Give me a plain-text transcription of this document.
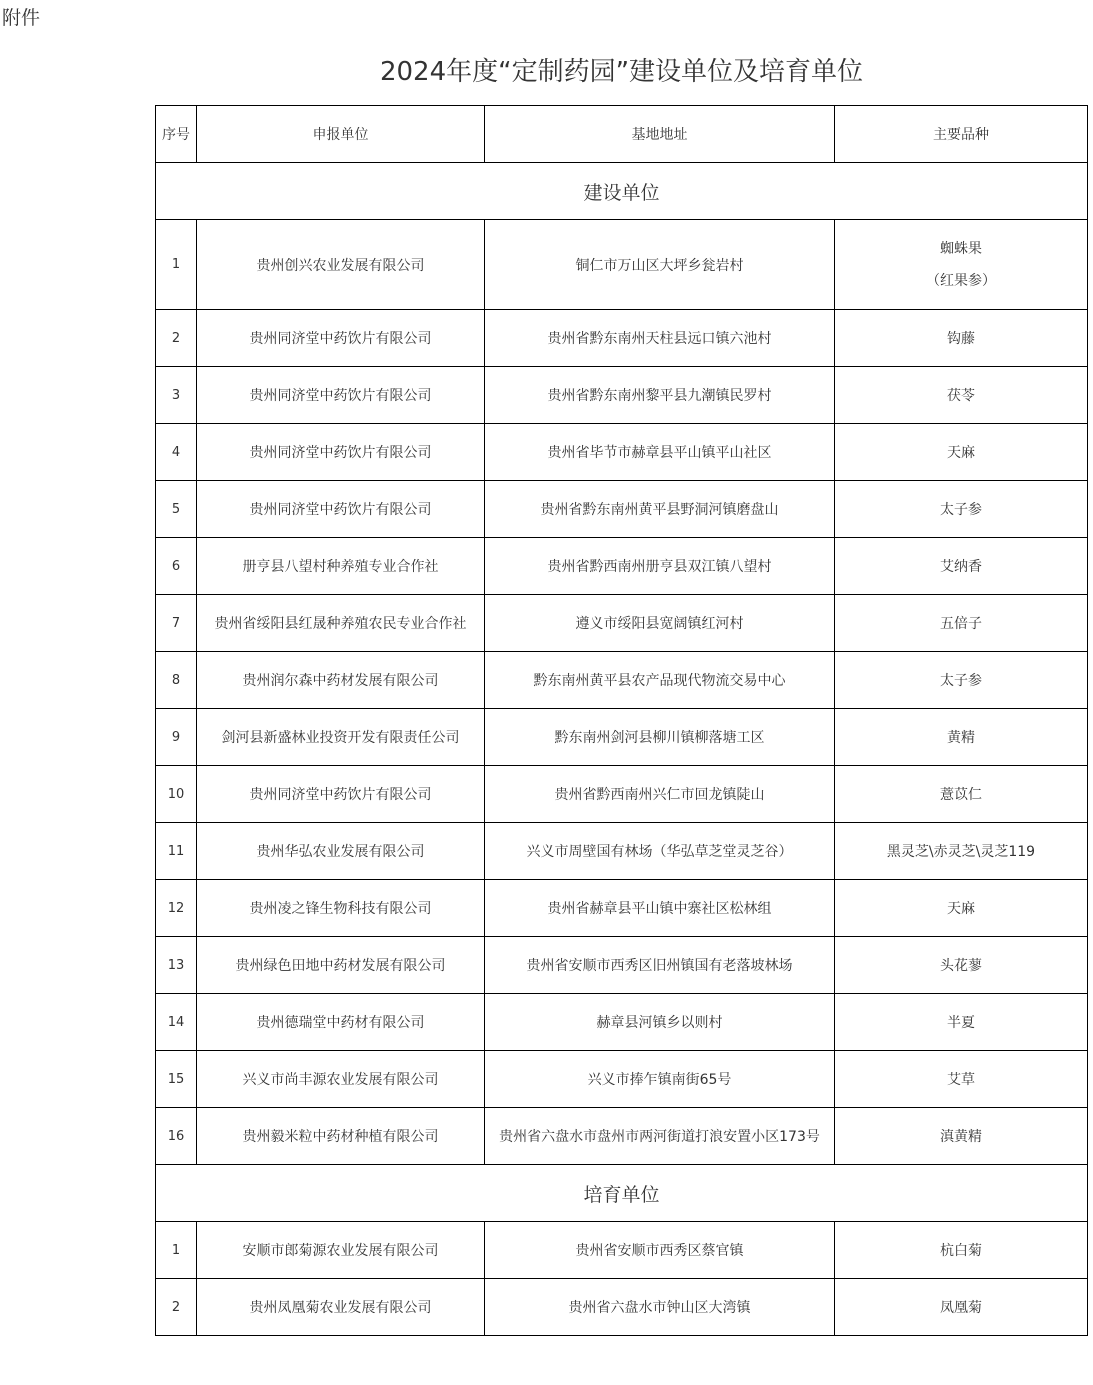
附件
2024年度“定制药园”建设单位及培育单位
序号	申报单位	基地地址	主要品种
建设单位			
1	贵州创兴农业发展有限公司	铜仁市万山区大坪乡瓮岩村	蜘蛛果
（红果参）

2	贵州同济堂中药饮片有限公司	贵州省黔东南州天柱县远口镇六池村	钩藤
3	贵州同济堂中药饮片有限公司	贵州省黔东南州黎平县九潮镇民罗村	茯苓
4	贵州同济堂中药饮片有限公司	贵州省毕节市赫章县平山镇平山社区	天麻
5	贵州同济堂中药饮片有限公司	贵州省黔东南州黄平县野洞河镇磨盘山	太子参
6	册亨县八望村种养殖专业合作社	贵州省黔西南州册亨县双江镇八望村	艾纳香
7	贵州省绥阳县红晟种养殖农民专业合作社	遵义市绥阳县宽阔镇红河村	五倍子
8	贵州润尔森中药材发展有限公司	黔东南州黄平县农产品现代物流交易中心	太子参
9	剑河县新盛林业投资开发有限责任公司	黔东南州剑河县柳川镇柳落塘工区	黄精
10	贵州同济堂中药饮片有限公司	贵州省黔西南州兴仁市回龙镇陡山	薏苡仁
11	贵州华弘农业发展有限公司	兴义市周壁国有林场（华弘草芝堂灵芝谷）	黑灵芝\赤灵芝\灵芝119
12	贵州凌之锋生物科技有限公司	贵州省赫章县平山镇中寨社区松林组	天麻
13	贵州绿色田地中药材发展有限公司	贵州省安顺市西秀区旧州镇国有老落坡林场	头花蓼
14	贵州德瑞堂中药材有限公司	赫章县河镇乡以则村	半夏
15	兴义市尚丰源农业发展有限公司	兴义市捧乍镇南街65号	艾草
16	贵州毅米粒中药材种植有限公司	贵州省六盘水市盘州市两河街道打浪安置小区173号	滇黄精
培育单位			
1	安顺市郎菊源农业发展有限公司	贵州省安顺市西秀区蔡官镇	杭白菊
2	贵州凤凰菊农业发展有限公司	贵州省六盘水市钟山区大湾镇	凤凰菊
